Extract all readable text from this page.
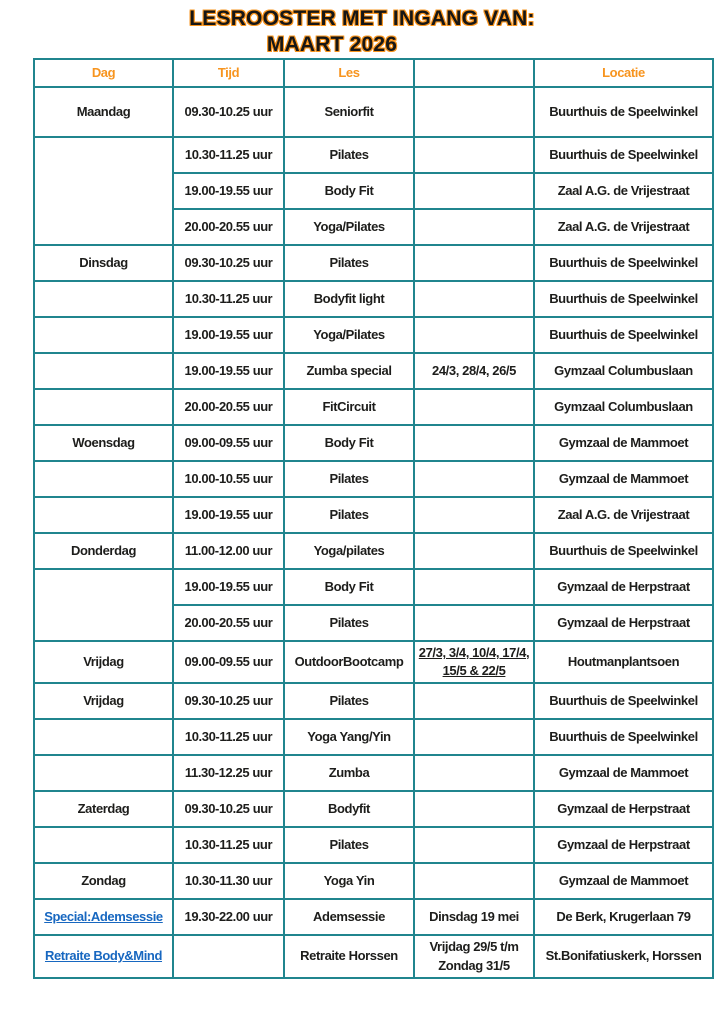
LESROOSTER MET INGANG VAN:
MAART 2026
Dag	Tijd	Les		Locatie
Maandag	09.30-10.25 uur	Seniorfit		Buurthuis de Speelwinkel
	10.30-11.25 uur	Pilates		Buurthuis de Speelwinkel
	19.00-19.55 uur	Body Fit		Zaal A.G. de Vrijestraat
	20.00-20.55 uur	Yoga/Pilates		Zaal A.G. de Vrijestraat
Dinsdag	09.30-10.25 uur	Pilates		Buurthuis de Speelwinkel
	10.30-11.25 uur	Bodyfit light		Buurthuis de Speelwinkel
	19.00-19.55 uur	Yoga/Pilates		Buurthuis de Speelwinkel
	19.00-19.55 uur	Zumba special	24/3, 28/4, 26/5	Gymzaal Columbuslaan
	20.00-20.55 uur	FitCircuit		Gymzaal Columbuslaan
Woensdag	09.00-09.55 uur	Body Fit		Gymzaal de Mammoet
	10.00-10.55 uur	Pilates		Gymzaal de Mammoet
	19.00-19.55 uur	Pilates		Zaal A.G. de Vrijestraat
Donderdag	11.00-12.00 uur	Yoga/pilates		Buurthuis de Speelwinkel
	19.00-19.55 uur	Body Fit		Gymzaal de Herpstraat
	20.00-20.55 uur	Pilates		Gymzaal de Herpstraat
Vrijdag	09.00-09.55 uur	OutdoorBootcamp	27/3, 3/4, 10/4, 17/4, 15/5 & 22/5	Houtmanplantsoen
Vrijdag	09.30-10.25 uur	Pilates		Buurthuis de Speelwinkel
	10.30-11.25 uur	Yoga Yang/Yin		Buurthuis de Speelwinkel
	11.30-12.25 uur	Zumba		Gymzaal de Mammoet
Zaterdag	09.30-10.25 uur	Bodyfit		Gymzaal de Herpstraat
	10.30-11.25 uur	Pilates		Gymzaal de Herpstraat
Zondag	10.30-11.30 uur	Yoga Yin		Gymzaal de Mammoet
Special:Ademsessie	19.30-22.00 uur	Ademsessie	Dinsdag 19 mei	De Berk, Krugerlaan 79
Retraite Body&Mind		Retraite Horssen	Vrijdag 29/5 t/m Zondag 31/5	St.Bonifatiuskerk, Horssen
